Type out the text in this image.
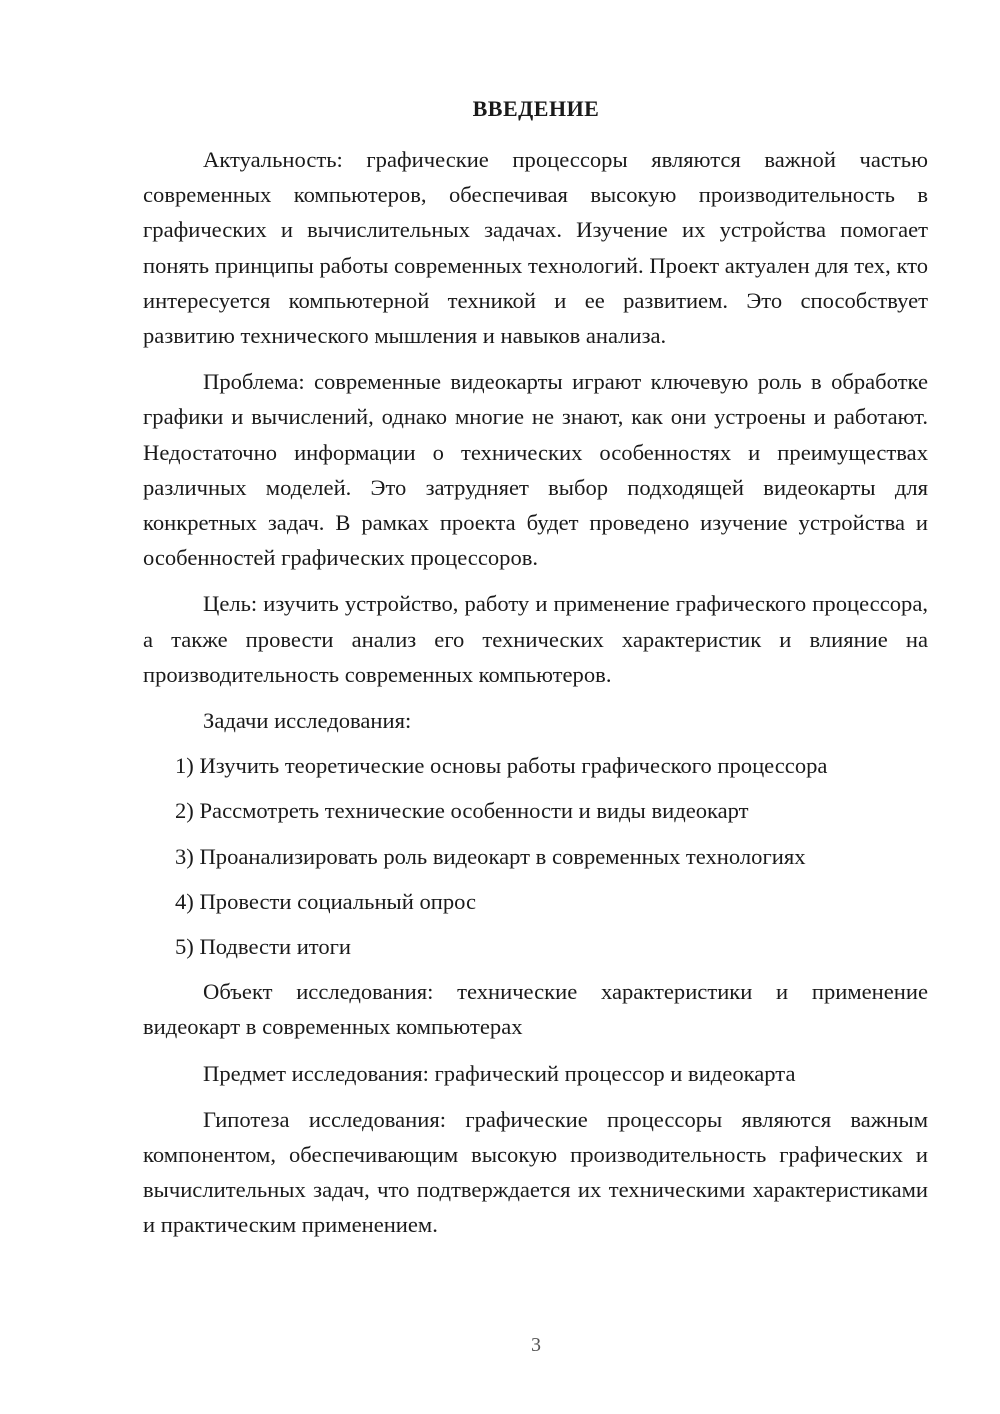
ВВЕДЕНИЕ

Актуальность: графические процессоры являются важной частью современных компьютеров, обеспечивая высокую производительность в графических и вычислительных задачах. Изучение их устройства помогает понять принципы работы современных технологий. Проект актуален для тех, кто интересуется компьютерной техникой и ее развитием. Это способствует развитию технического мышления и навыков анализа.

Проблема: современные видеокарты играют ключевую роль в обработке графики и вычислений, однако многие не знают, как они устроены и работают. Недостаточно информации о технических особенностях и преимуществах различных моделей. Это затрудняет выбор подходящей видеокарты для конкретных задач. В рамках проекта будет проведено изучение устройства и особенностей графических процессоров.

Цель: изучить устройство, работу и применение графического процессора, а также провести анализ его технических характеристик и влияние на производительность современных компьютеров.

Задачи исследования:

1) Изучить теоретические основы работы графического процессора

2) Рассмотреть технические особенности и виды видеокарт

3) Проанализировать роль видеокарт в современных технологиях

4) Провести социальный опрос

5) Подвести итоги

Объект исследования: технические характеристики и применение видеокарт в современных компьютерах

Предмет исследования: графический процессор и видеокарта

Гипотеза исследования: графические процессоры являются важным компонентом, обеспечивающим высокую производительность графических и вычислительных задач, что подтверждается их техническими характеристиками и практическим применением.

3
